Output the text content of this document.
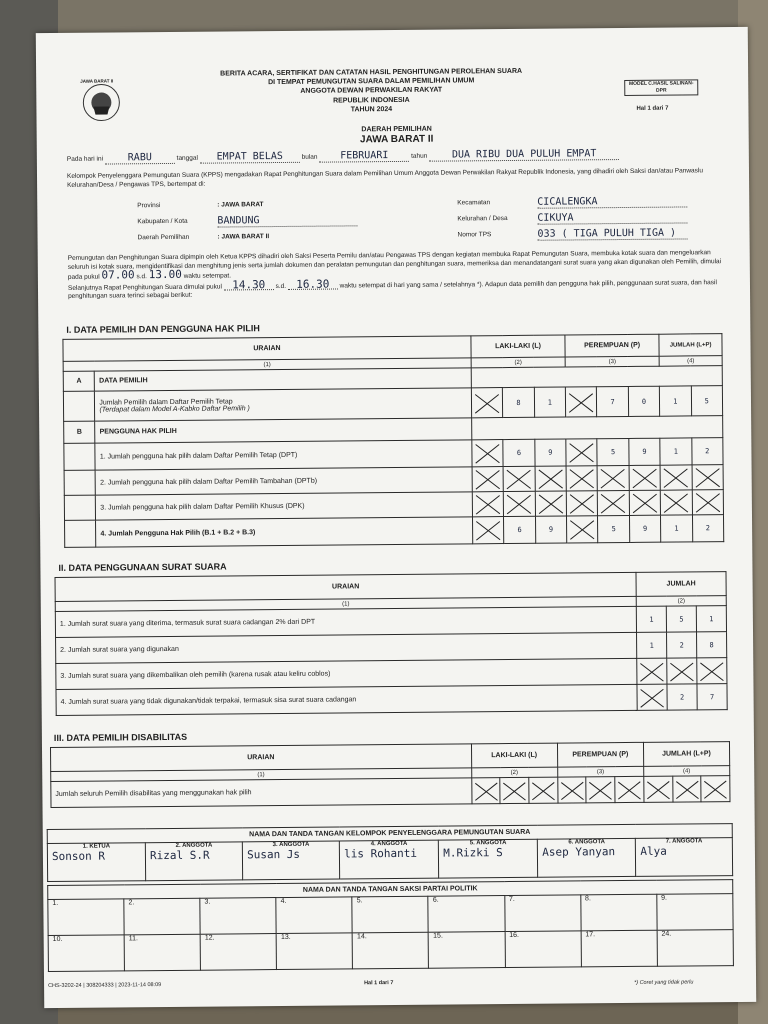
JAWA BARAT II
BERITA ACARA, SERTIFIKAT DAN CATATAN HASIL PENGHITUNGAN PEROLEHAN SUARA
DI TEMPAT PEMUNGUTAN SUARA DALAM PEMILIHAN UMUM
ANGGOTA DEWAN PERWAKILAN RAKYAT
REPUBLIK INDONESIA
TAHUN 2024
MODEL C.HASIL SALINAN-DPR
Hal 1 dari 7
DAERAH PEMILIHAN
JAWA BARAT II
Pada hari ini RABU	tanggal EMPAT BELAS	bulan FEBRUARI	tahun DUA RIBU DUA PULUH EMPAT
Kelompok Penyelenggara Pemungutan Suara (KPPS) mengadakan Rapat Penghitungan Suara dalam Pemilihan Umum Anggota Dewan Perwakilan Rakyat Republik Indonesia, yang dihadiri oleh Saksi dan/atau Panwaslu Kelurahan/Desa / Pengawas TPS, bertempat di:
Provinsi	: JAWA BARAT	Kecamatan	CICALENGKA
Kabupaten / Kota	BANDUNG	Kelurahan / Desa	CIKUYA
Daerah Pemilihan	: JAWA BARAT II	Nomor TPS	033 ( TIGA PULUH TIGA )
Pemungutan dan Penghitungan Suara dipimpin oleh Ketua KPPS dihadiri oleh Saksi Peserta Pemilu dan/atau Pengawas TPS dengan kegiatan membuka Rapat Pemungutan Suara, membuka kotak suara dan mengeluarkan seluruh isi kotak suara, mengidentifikasi dan menghitung jenis serta jumlah dokumen dan peralatan pemungutan dan penghitungan suara, memeriksa dan menandatangani surat suara yang akan digunakan oleh Pemilih, dimulai pada pukul 07.00 s.d. 13.00 waktu setempat.
Selanjutnya Rapat Penghitungan Suara dimulai pukul 14.30 s.d. 16.30 waktu setempat di hari yang sama / setelahnya *). Adapun data pemilih dan pengguna hak pilih, penggunaan surat suara, dan hasil penghitungan suara terinci sebagai berikut:
I. DATA PEMILIH DAN PENGGUNA HAK PILIH
URAIAN		LAKI-LAKI (L)			PEREMPUAN (P)			JUMLAH (L+P)	
(1)		(2)			(3)			(4)	
A	DATA PEMILIH								

	Jumlah Pemilih dalam Daftar Pemilih Tetap
(Terdapat dalam Model A-Kabko Daftar Pemilih )		8	1		7	0	1	5
B	PENGGUNA HAK PILIH								
	1. Jumlah pengguna hak pilih dalam Daftar Pemilih Tetap (DPT)		6	9		5	9	1	2
	2. Jumlah pengguna hak pilih dalam Daftar Pemilih Tambahan (DPTb)								
	3. Jumlah pengguna hak pilih dalam Daftar Pemilih Khusus (DPK)								
	4. Jumlah Pengguna Hak Pilih (B.1 + B.2 + B.3)		6	9		5	9	1	2
II. DATA PENGGUNAAN SURAT SUARA
URAIAN	JUMLAH		
(1)	(2)		
1. Jumlah surat suara yang diterima, termasuk surat suara cadangan 2% dari DPT	1	5	1
2. Jumlah surat suara yang digunakan	1	2	8
3. Jumlah surat suara yang dikembalikan oleh pemilih (karena rusak atau keliru coblos)			
4. Jumlah surat suara yang tidak digunakan/tidak terpakai, termasuk sisa surat suara cadangan		2	7
III. DATA PEMILIH DISABILITAS
URAIAN	LAKI-LAKI (L)			PEREMPUAN (P)			JUMLAH (L+P)		
(1)	(2)			(3)			(4)		
Jumlah seluruh Pemilih disabilitas yang menggunakan hak pilih									
NAMA DAN TANDA TANGAN KELOMPOK PENYELENGGARA PEMUNGUTAN SUARA

1. KETUA
Sonson R

2. ANGGOTA
Rizal S.R

3. ANGGOTA
Susan Js

4. ANGGOTA
lis Rohanti

5. ANGGOTA
M.Rizki S

6. ANGGOTA
Asep Yanyan

7. ANGGOTA
Alya
NAMA DAN TANDA TANGAN SAKSI PARTAI POLITIK								
1.	2.	3.	4.	5.	6.	7.	8.	9.
10.	11.	12.	13.	14.	15.	16.	17.	24.
CHS-3202-24 | 308204333 | 2023-11-14 08:09	Hal 1 dari 7	*) Coret yang tidak perlu
